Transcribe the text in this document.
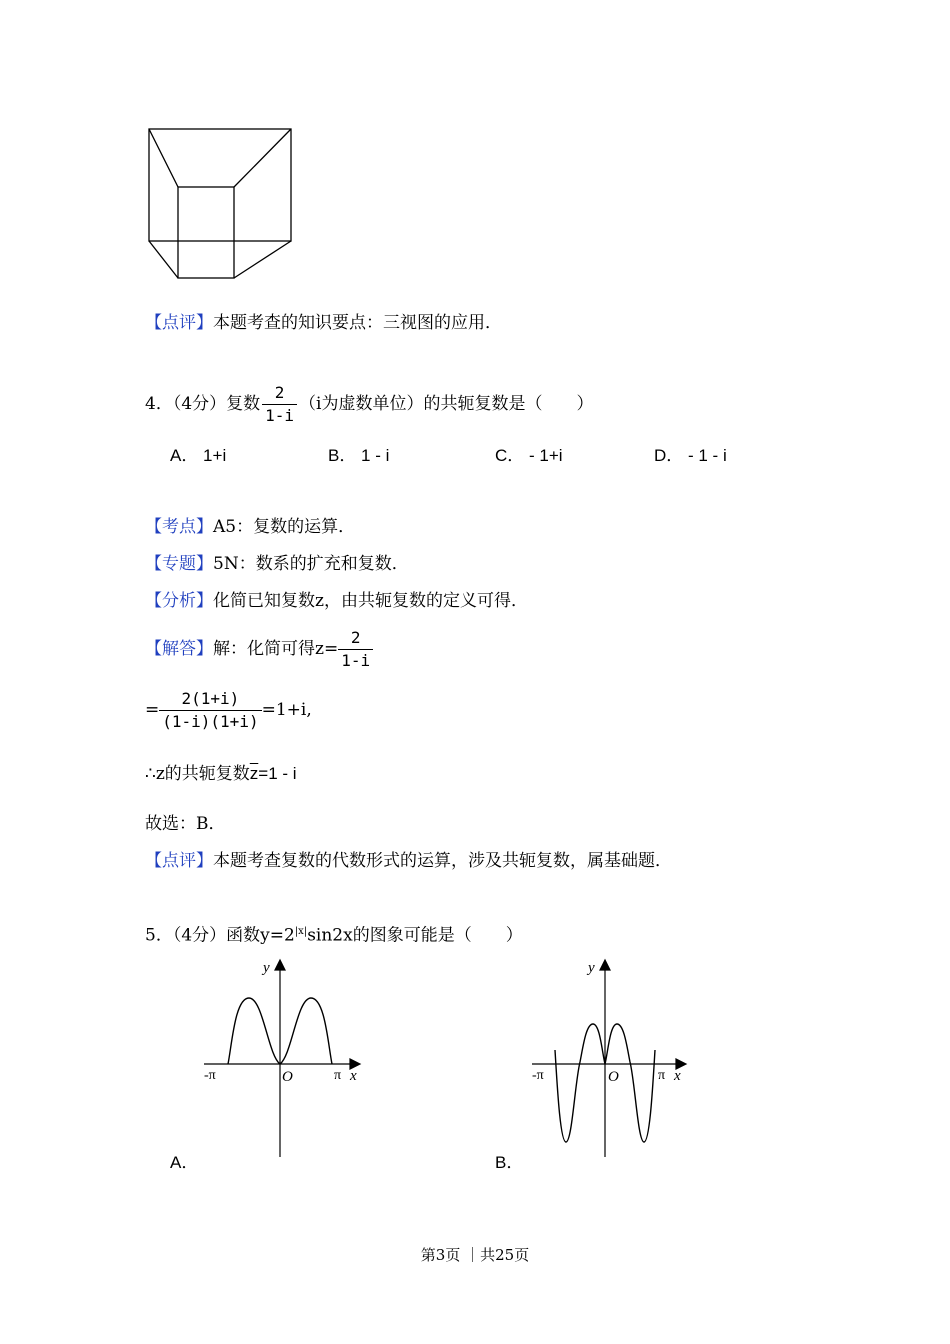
【点评】本题考查的知识要点：三视图的应用．
4．（4分）复数 $\frac{2}{1-i} (i$为虚数单位）的共轭复数是（　　）
A． 1+i	B． 1 - i	C． - 1+i	D． - 1 - i
【考点】A5：复数的运算．
【专题】5N：数系的扩充和复数．
【分析】化简已知复数z，由共轭复数的定义可得．
【解答】解：化简可得$z= \frac{2}{1-i}$
= $\frac{2(1+i)}{(1-i)(1+i)} =1+i$,
∴z的共轭复数$\overline{z}=1 - i$
故选：B．
【点评】本题考查复数的代数形式的运算，涉及共轭复数，属基础题．
5．（4分）函数$y=2^{|x|}\sin 2x$的图象可能是（　　）
y
x
O
-π	π
A．
y
x
O
-π	π
B．
第3页 ｜共25页
